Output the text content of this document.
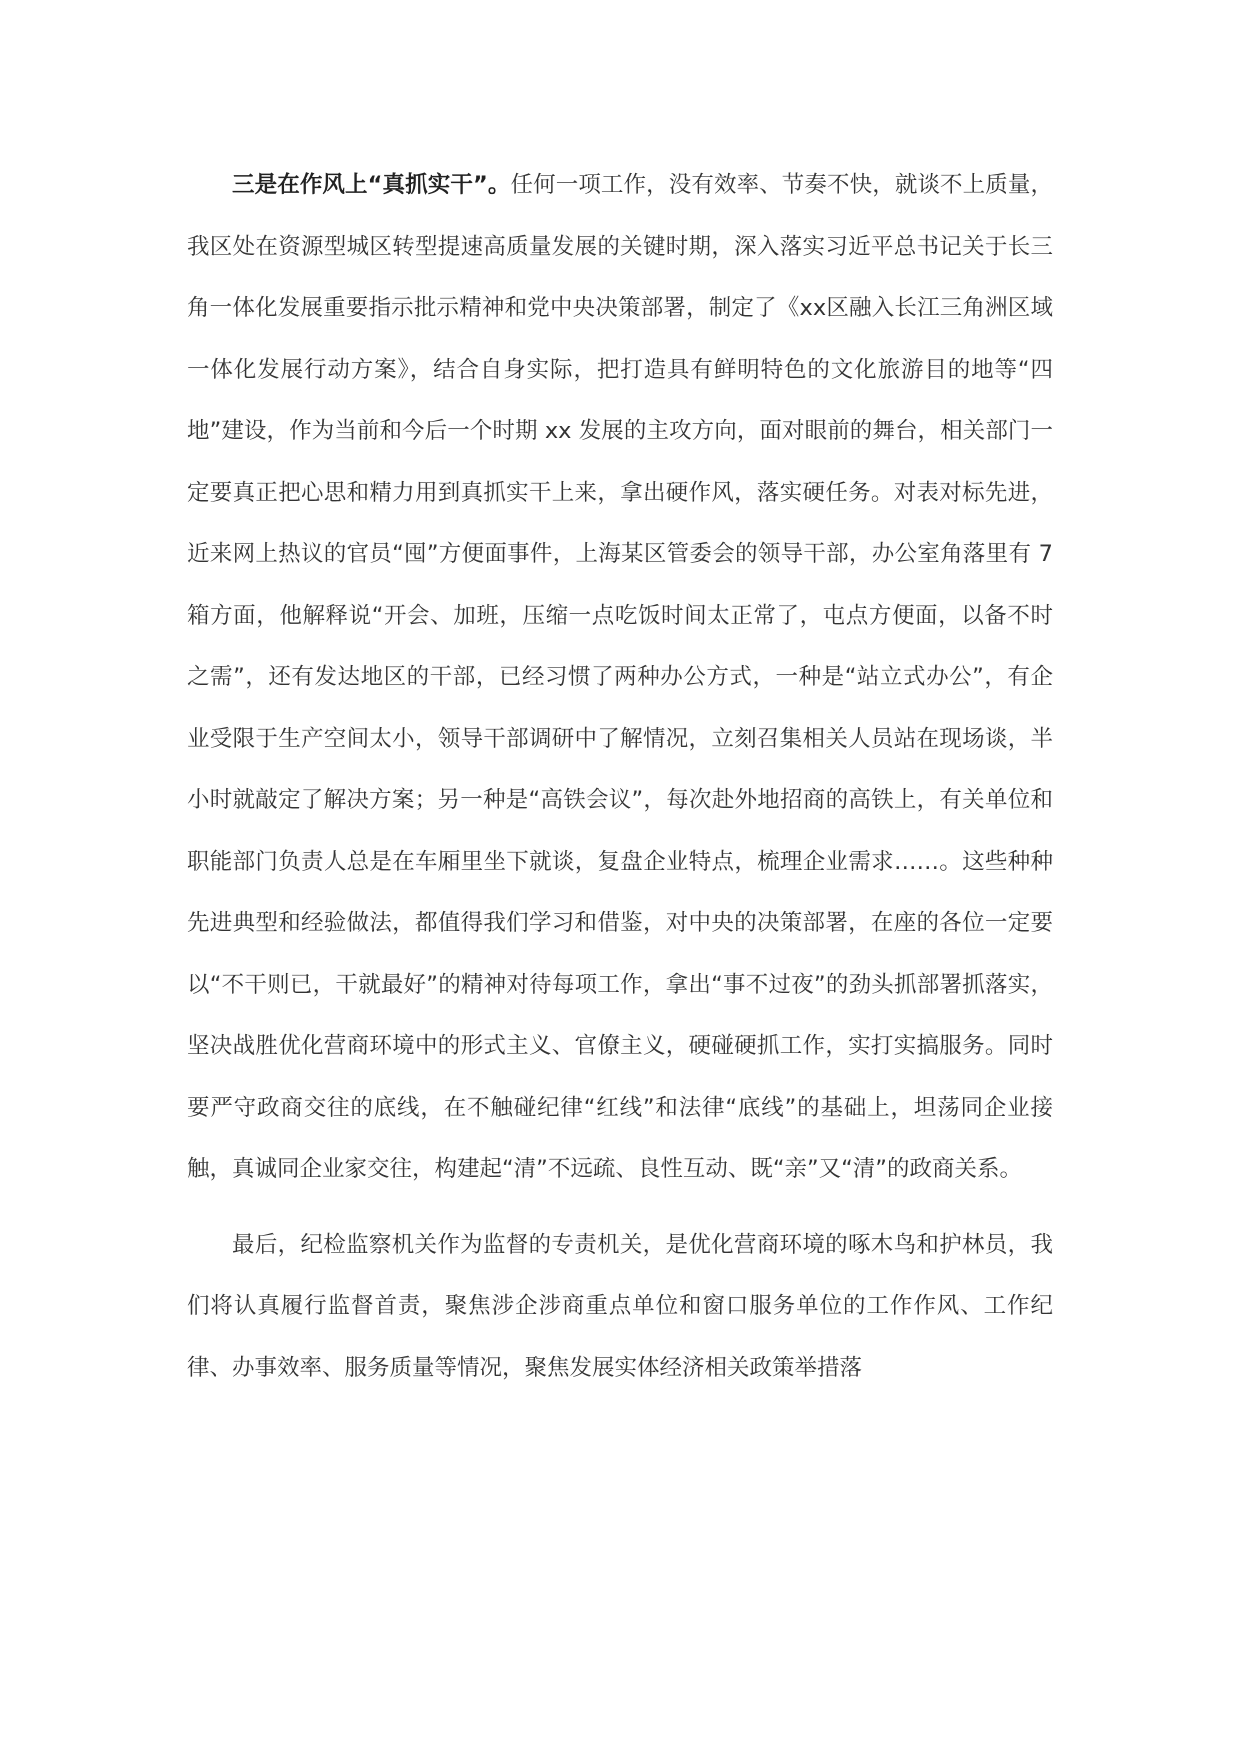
三是在作风上“真抓实干”。任何一项工作，没有效率、节奏不快，就谈不上质量，我区处在资源型城区转型提速高质量发展的关键时期，深入落实习近平总书记关于长三角一体化发展重要指示批示精神和党中央决策部署，制定了《xx区融入长江三角洲区域一体化发展行动方案》，结合自身实际，把打造具有鲜明特色的文化旅游目的地等“四地”建设，作为当前和今后一个时期 xx 发展的主攻方向，面对眼前的舞台，相关部门一定要真正把心思和精力用到真抓实干上来，拿出硬作风，落实硬任务。对表对标先进，近来网上热议的官员“囤”方便面事件，上海某区管委会的领导干部，办公室角落里有 7 箱方面，他解释说“开会、加班，压缩一点吃饭时间太正常了，屯点方便面，以备不时之需”，还有发达地区的干部，已经习惯了两种办公方式，一种是“站立式办公”，有企业受限于生产空间太小，领导干部调研中了解情况，立刻召集相关人员站在现场谈，半小时就敲定了解决方案；另一种是“高铁会议”，每次赴外地招商的高铁上，有关单位和职能部门负责人总是在车厢里坐下就谈，复盘企业特点，梳理企业需求……。这些种种先进典型和经验做法，都值得我们学习和借鉴，对中央的决策部署，在座的各位一定要以“不干则已，干就最好”的精神对待每项工作，拿出“事不过夜”的劲头抓部署抓落实，坚决战胜优化营商环境中的形式主义、官僚主义，硬碰硬抓工作，实打实搞服务。同时要严守政商交往的底线，在不触碰纪律“红线”和法律“底线”的基础上，坦荡同企业接触，真诚同企业家交往，构建起“清”不远疏、良性互动、既“亲”又“清”的政商关系。

最后，纪检监察机关作为监督的专责机关，是优化营商环境的啄木鸟和护林员，我们将认真履行监督首责，聚焦涉企涉商重点单位和窗口服务单位的工作作风、工作纪律、办事效率、服务质量等情况，聚焦发展实体经济相关政策举措落
